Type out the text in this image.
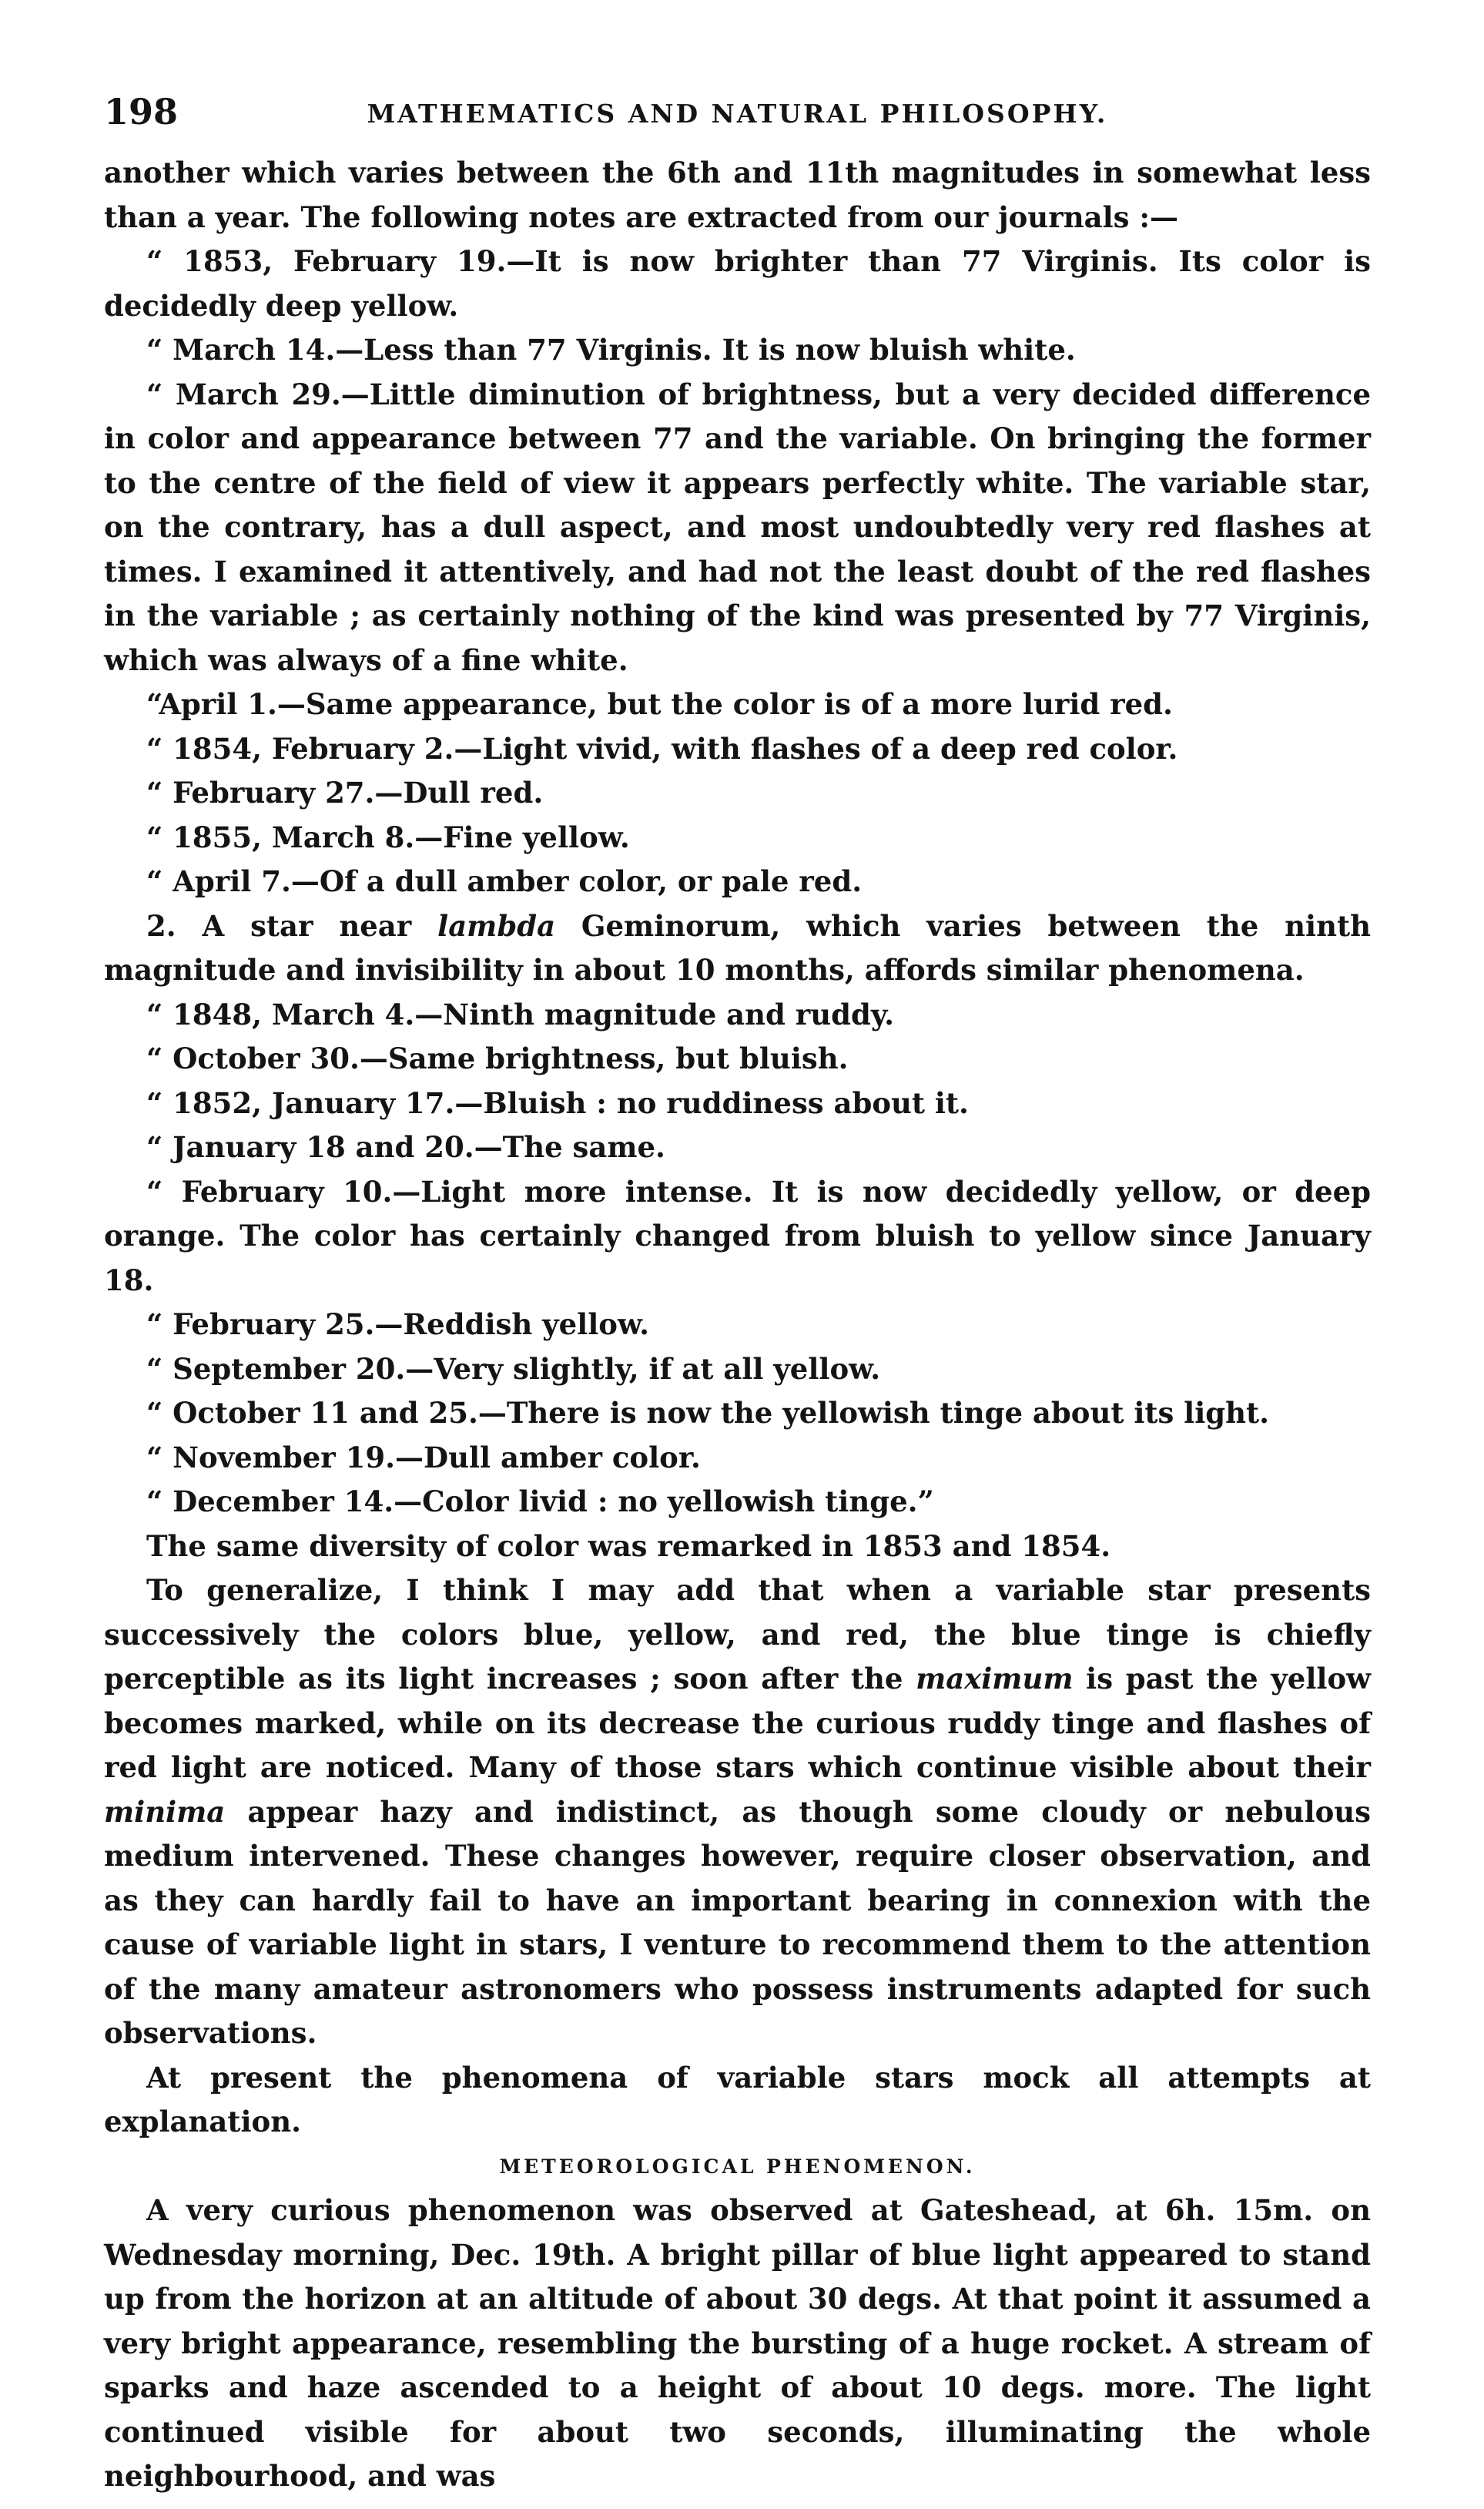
198	MATHEMATICS AND NATURAL PHILOSOPHY.

another which varies between the 6th and 11th magnitudes in somewhat less than a year. The following notes are extracted from our journals :—

“ 1853, February 19.—It is now brighter than 77 Virginis. Its color is decidedly deep yellow.

“ March 14.—Less than 77 Virginis. It is now bluish white.

“ March 29.—Little diminution of brightness, but a very decided difference in color and appearance between 77 and the variable. On bringing the former to the centre of the field of view it appears perfectly white. The variable star, on the contrary, has a dull aspect, and most undoubtedly very red flashes at times. I examined it attentively, and had not the least doubt of the red flashes in the variable ; as certainly nothing of the kind was presented by 77 Virginis, which was always of a fine white.

“April 1.—Same appearance, but the color is of a more lurid red.

“ 1854, February 2.—Light vivid, with flashes of a deep red color.

“ February 27.—Dull red.

“ 1855, March 8.—Fine yellow.

“ April 7.—Of a dull amber color, or pale red.

2. A star near lambda Geminorum, which varies between the ninth magnitude and invisibility in about 10 months, affords similar phenomena.

“ 1848, March 4.—Ninth magnitude and ruddy.

“ October 30.—Same brightness, but bluish.

“ 1852, January 17.—Bluish : no ruddiness about it.

“ January 18 and 20.—The same.

“ February 10.—Light more intense. It is now decidedly yellow, or deep orange. The color has certainly changed from bluish to yellow since January 18.

“ February 25.—Reddish yellow.

“ September 20.—Very slightly, if at all yellow.

“ October 11 and 25.—There is now the yellowish tinge about its light.

“ November 19.—Dull amber color.

“ December 14.—Color livid : no yellowish tinge.”

The same diversity of color was remarked in 1853 and 1854.

To generalize, I think I may add that when a variable star presents successively the colors blue, yellow, and red, the blue tinge is chiefly perceptible as its light increases ; soon after the maximum is past the yellow becomes marked, while on its decrease the curious ruddy tinge and flashes of red light are noticed. Many of those stars which continue visible about their minima appear hazy and indistinct, as though some cloudy or nebulous medium intervened. These changes however, require closer observation, and as they can hardly fail to have an important bearing in connexion with the cause of variable light in stars, I venture to recommend them to the attention of the many amateur astronomers who possess instruments adapted for such observations.

At present the phenomena of variable stars mock all attempts at explanation.

METEOROLOGICAL PHENOMENON.

A very curious phenomenon was observed at Gateshead, at 6h. 15m. on Wednesday morning, Dec. 19th. A bright pillar of blue light appeared to stand up from the horizon at an altitude of about 30 degs. At that point it assumed a very bright appearance, resembling the bursting of a huge rocket. A stream of sparks and haze ascended to a height of about 10 degs. more. The light continued visible for about two seconds, illuminating the whole neighbourhood, and was
